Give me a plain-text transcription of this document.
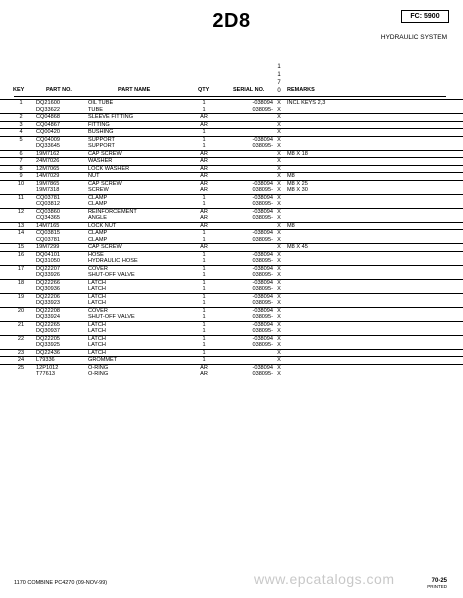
2D8	FC: 5900
HYDRAULIC SYSTEM
1
1
7
0
KEY	PART NO.	PART NAME	QTY	SERIAL NO.	REMARKS
1	DQ21600	OIL TUBE	1	-038094 X	INCL KEYS 2,3
DQ33622	TUBE	1	038095- X
2	CQ04868	SLEEVE FITTING	AR	X
3	CQ04867	FITTING	AR	X
4	CQ00420	BUSHING	1	X
5	CQ04009	SUPPORT	1	-038094 X
DQ33645	SUPPORT	1	038095- X
6	19M7162	CAP SCREW	AR	X	M8 X 18
7	24M7026	WASHER	AR	X
8	12M7065	LOCK WASHER	AR	X
9	14M7029	NUT	AR	X	M8
10	19M7865	CAP SCREW	AR	-038094 X	M8 X 25
19M7318	SCREW	AR	038095- X	M8 X 30
11	CQ03781	CLAMP	1	-038094 X
CQ03812	CLAMP	1	038095- X
12	CQ03860	REINFORCEMENT	AR	-038094 X
CQ34365	ANGLE	AR	038095- X
13	14M7165	LOCK NUT	AR	X	M8
14	CQ03815	CLAMP	1	-038094 X
CQ03781	CLAMP	1	038095- X
15	19M7299	CAP SCREW	AR	X	M8 X 45
16	DQ04101	HOSE	1	-038094 X
DQ31050	HYDRAULIC HOSE	1	038095- X
17	DQ22207	COVER	1	-038094 X
DQ33926	SHUT-OFF VALVE	1	038095- X
18	DQ22266	LATCH	1	-038094 X
DQ30936	LATCH	1	038095- X
19	DQ22206	LATCH	1	-038094 X
DQ33923	LATCH	1	038095- X
20	DQ22208	COVER	1	-038094 X
DQ33924	SHUT-OFF VALVE	1	038095- X
21	DQ22265	LATCH	1	-038094 X
DQ30937	LATCH	1	038095- X
22	DQ22205	LATCH	1	-038094 X
DQ33925	LATCH	1	038095- X
23	DQ22436	LATCH	1	X
24	L79336	GROMMET	1	X
25	12P1012	O-RING	AR	-038094 X
T77613	O-RING	AR	038095- X
www.epcatalogs.com
1170 COMBINE PC4270 (09-NOV-99)	70-25
PRINTED
